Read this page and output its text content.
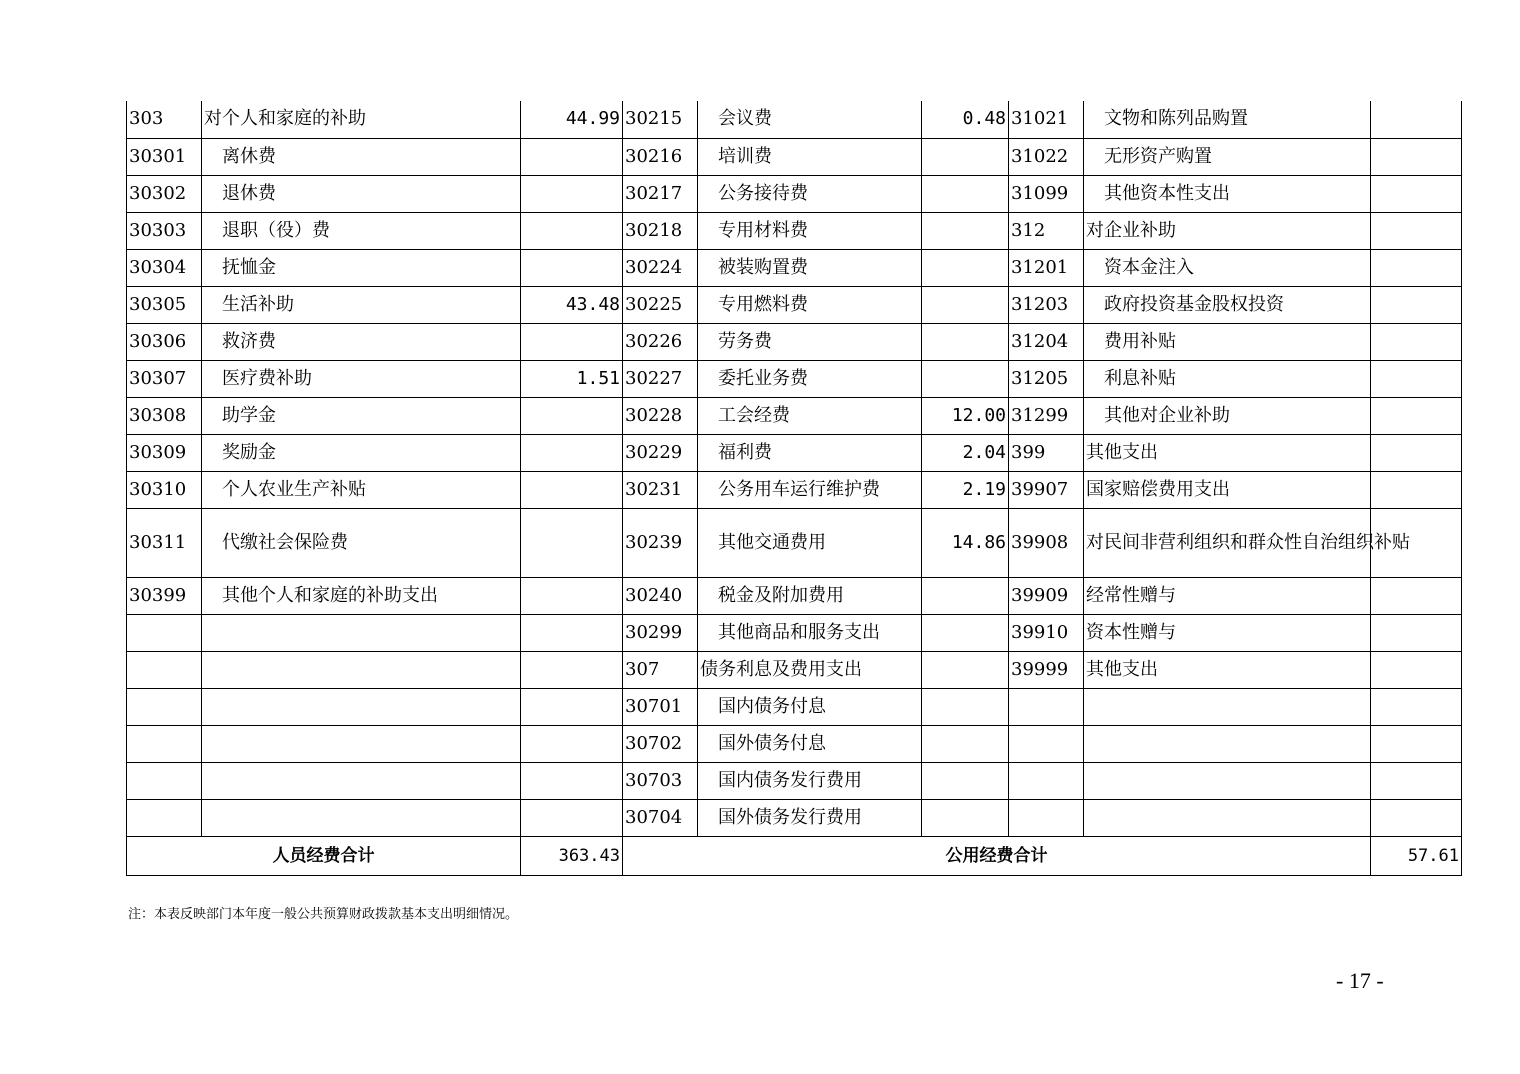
303	对个人和家庭的补助	44.99	30215	会议费	0.48	31021	文物和陈列品购置	
30301	离休费		30216	培训费		31022	无形资产购置	
30302	退休费		30217	公务接待费		31099	其他资本性支出	
30303	退职（役）费		30218	专用材料费		312	对企业补助	
30304	抚恤金		30224	被装购置费		31201	资本金注入	
30305	生活补助	43.48	30225	专用燃料费		31203	政府投资基金股权投资	
30306	救济费		30226	劳务费		31204	费用补贴	
30307	医疗费补助	1.51	30227	委托业务费		31205	利息补贴	
30308	助学金		30228	工会经费	12.00	31299	其他对企业补助	
30309	奖励金		30229	福利费	2.04	399	其他支出	
30310	个人农业生产补贴		30231	公务用车运行维护费	2.19	39907	国家赔偿费用支出	
30311	代缴社会保险费		30239	其他交通费用	14.86	39908	对民间非营利组织和群众性自治组织补贴	
30399	其他个人和家庭的补助支出		30240	税金及附加费用		39909	经常性赠与	
			30299	其他商品和服务支出		39910	资本性赠与	
			307	债务利息及费用支出		39999	其他支出	
			30701	国内债务付息				
			30702	国外债务付息				
			30703	国内债务发行费用				
			30704	国外债务发行费用				
人员经费合计		363.43	公用经费合计					57.61
注：本表反映部门本年度一般公共预算财政拨款基本支出明细情况。
- 17 -
